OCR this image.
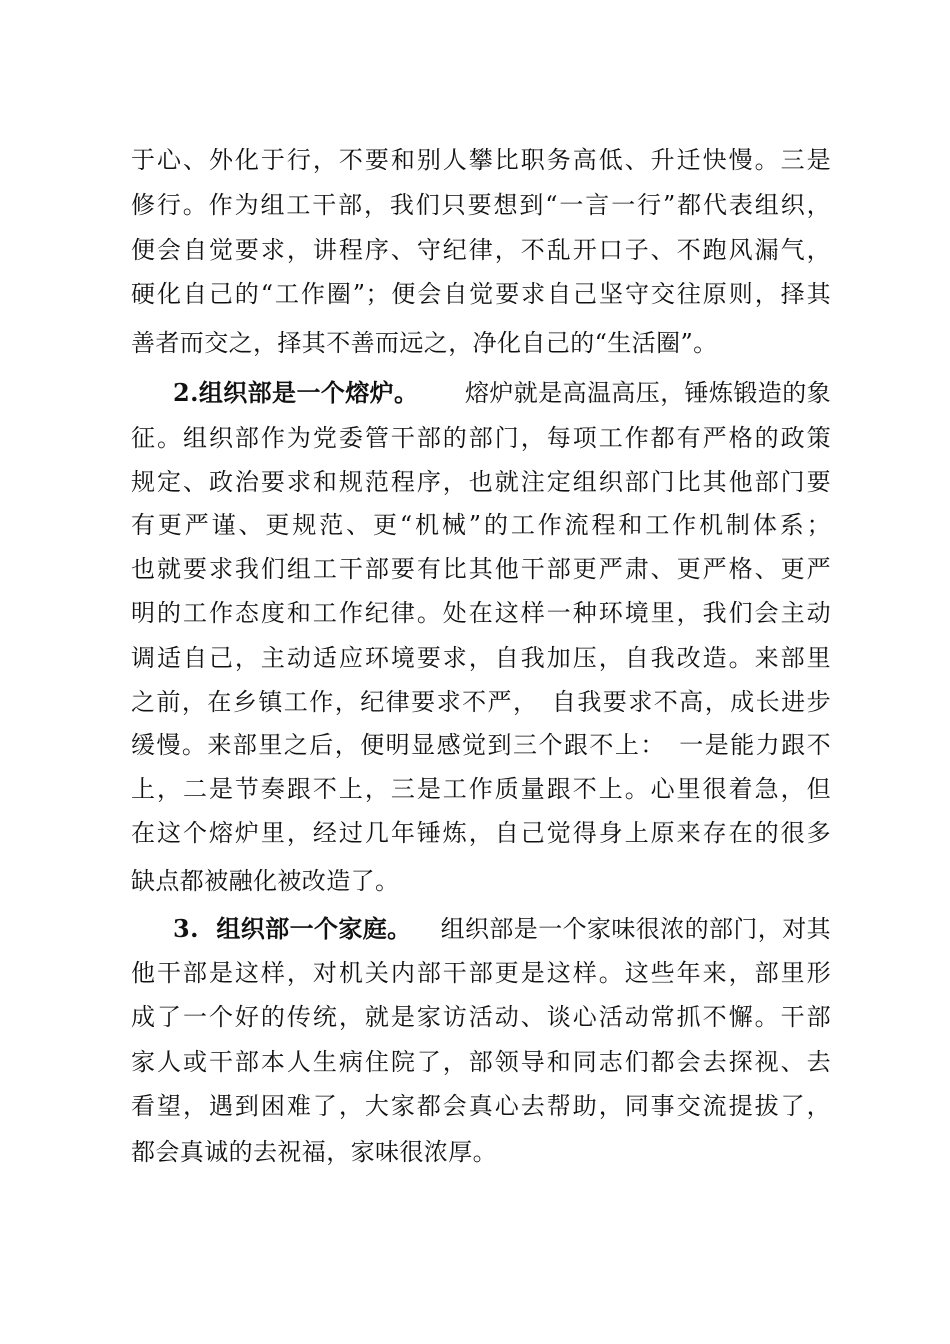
于心、外化于行，不要和别人攀比职务高低、升迁快慢。三是
修行。作为组工干部，我们只要想到“一言一行”都代表组织，
便会自觉要求，讲程序、守纪律，不乱开口子、不跑风漏气，
硬化自己的“工作圈”；便会自觉要求自己坚守交往原则，择其
善者而交之，择其不善而远之，净化自己的“生活圈”。
2.组织部是一个熔炉。 熔炉就是高温高压，锤炼锻造的象
征。组织部作为党委管干部的部门，每项工作都有严格的政策
规定、政治要求和规范程序，也就注定组织部门比其他部门要
有更严谨、更规范、更“机械”的工作流程和工作机制体系；
也就要求我们组工干部要有比其他干部更严肃、更严格、更严
明的工作态度和工作纪律。处在这样一种环境里，我们会主动
调适自己，主动适应环境要求，自我加压，自我改造。来部里
之前，在乡镇工作，纪律要求不严，　自我要求不高，成长进步
缓慢。来部里之后，便明显感觉到三个跟不上：　一是能力跟不
上，二是节奏跟不上，三是工作质量跟不上。心里很着急，但
在这个熔炉里，经过几年锤炼，自己觉得身上原来存在的很多
缺点都被融化被改造了。
3.  组织部一个家庭。 组织部是一个家味很浓的部门，对其
他干部是这样，对机关内部干部更是这样。这些年来，部里形
成了一个好的传统，就是家访活动、谈心活动常抓不懈。干部
家人或干部本人生病住院了，部领导和同志们都会去探视、去
看望，遇到困难了，大家都会真心去帮助，同事交流提拔了，
都会真诚的去祝福，家味很浓厚。
